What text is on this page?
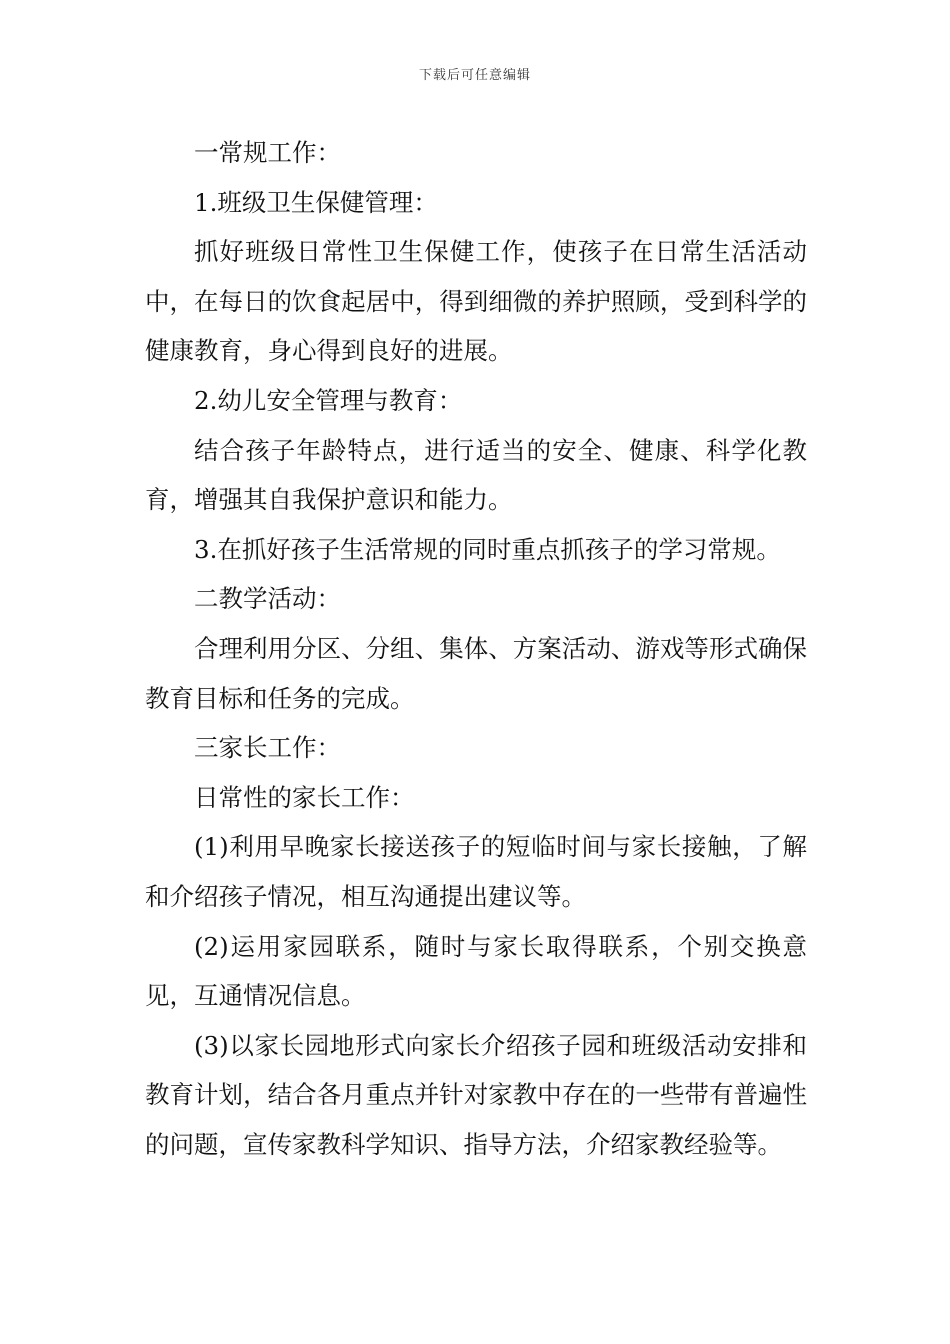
下载后可任意编辑

一常规工作：

1.班级卫生保健管理：

抓好班级日常性卫生保健工作，使孩子在日常生活活动中，在每日的饮食起居中，得到细微的养护照顾，受到科学的健康教育，身心得到良好的进展。

2.幼儿安全管理与教育：

结合孩子年龄特点，进行适当的安全、健康、科学化教育，增强其自我保护意识和能力。

3.在抓好孩子生活常规的同时重点抓孩子的学习常规。

二教学活动：

合理利用分区、分组、集体、方案活动、游戏等形式确保教育目标和任务的完成。

三家长工作：

日常性的家长工作：

(1)利用早晚家长接送孩子的短临时间与家长接触，了解和介绍孩子情况，相互沟通提出建议等。

(2)运用家园联系，随时与家长取得联系，个别交换意见，互通情况信息。

(3)以家长园地形式向家长介绍孩子园和班级活动安排和教育计划，结合各月重点并针对家教中存在的一些带有普遍性的问题，宣传家教科学知识、指导方法，介绍家教经验等。
